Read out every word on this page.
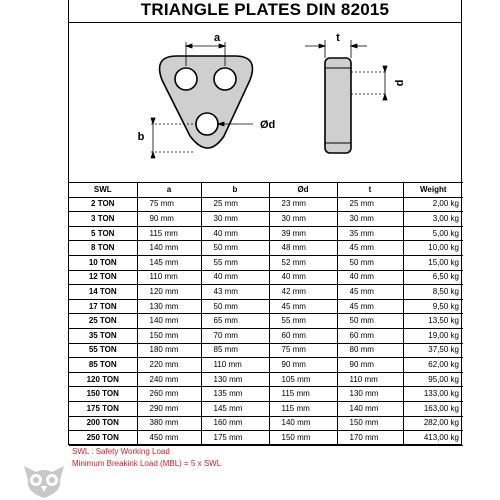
TRIANGLE PLATES DIN 82015
a
b
Ød
t
d
SWL	a	b	Ød	t	Weight
2 TON	75 mm	25 mm	23 mm	25 mm	2,00 kg
3 TON	90 mm	30 mm	30 mm	30 mm	3,00 kg
5 TON	115 mm	40 mm	39 mm	35 mm	5,00 kg
8 TON	140 mm	50 mm	48 mm	45 mm	10,00 kg
10 TON	145 mm	55 mm	52 mm	50 mm	15,00 kg
12 TON	110 mm	40 mm	40 mm	40 mm	6,50 kg
14 TON	120 mm	43 mm	42 mm	45 mm	8,50 kg
17 TON	130 mm	50 mm	45 mm	45 mm	9,50 kg
25 TON	140 mm	65 mm	55 mm	50 mm	13,50 kg
35 TON	150 mm	70 mm	60 mm	60 mm	19,00 kg
55 TON	180 mm	85 mm	75 mm	80 mm	37,50 kg
85 TON	220 mm	110 mm	90 mm	90 mm	62,00 kg
120 TON	240 mm	130 mm	105 mm	110 mm	95,00 kg
150 TON	260 mm	135 mm	115 mm	130 mm	133,00 kg
175 TON	290 mm	145 mm	115 mm	140 mm	163,00 kg
200 TON	380 mm	160 mm	140 mm	150 mm	282,00 kg
250 TON	450 mm	175 mm	150 mm	170 mm	413,00 kg
SWL : Safety Working Load
Minimum Breakink Load (MBL) = 5 x SWL
